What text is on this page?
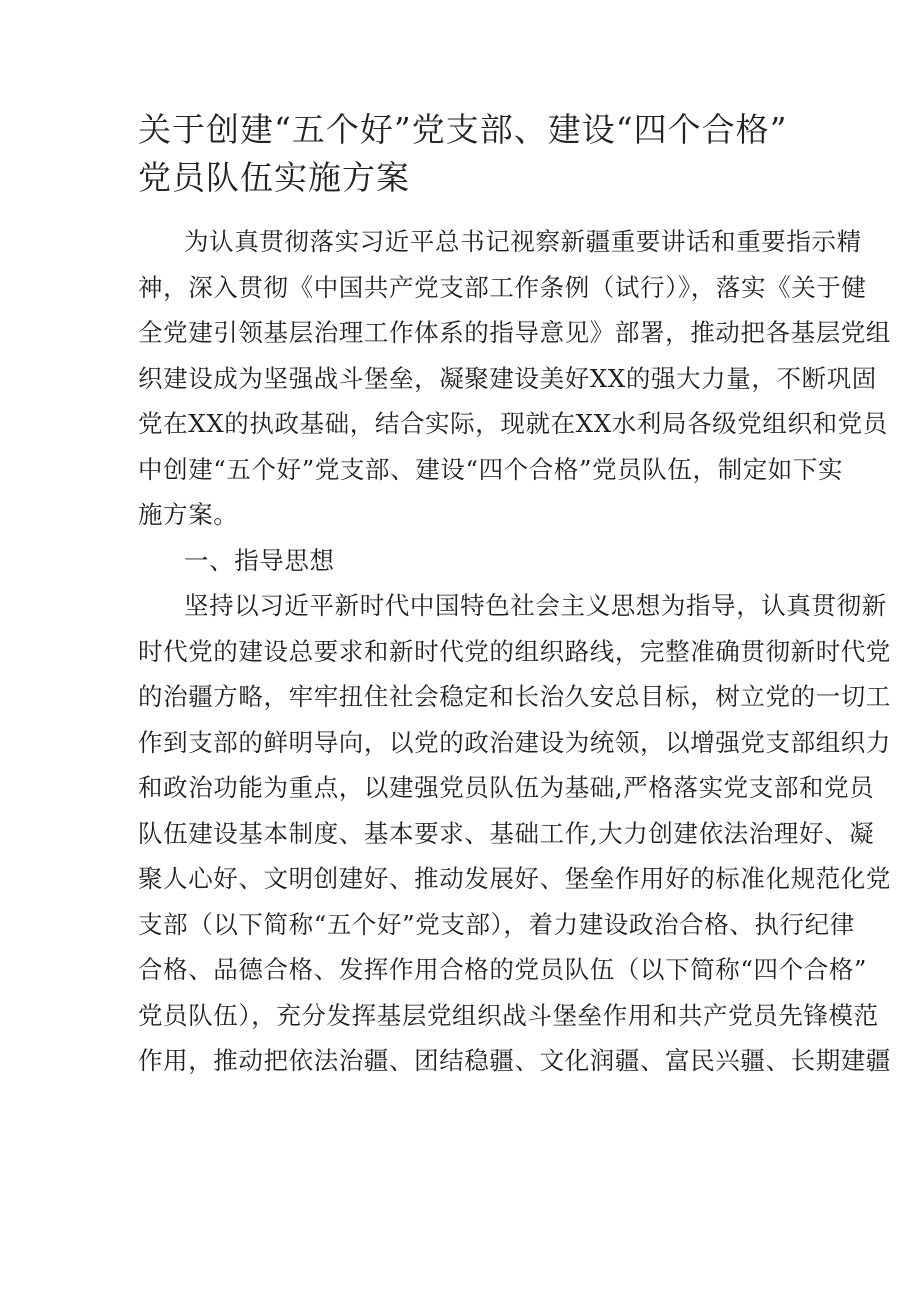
关于创建“五个好”党支部、建设“四个合格”
党员队伍实施方案
为认真贯彻落实习近平总书记视察新疆重要讲话和重要指示精
神，深入贯彻《中国共产党支部工作条例（试行）》，落实《关于健
全党建引领基层治理工作体系的指导意见》部署，推动把各基层党组
织建设成为坚强战斗堡垒，凝聚建设美好XX的强大力量，不断巩固
党在XX的执政基础，结合实际，现就在XX水利局各级党组织和党员
中创建“五个好”党支部、建设“四个合格”党员队伍，制定如下实
施方案。
一、指导思想
坚持以习近平新时代中国特色社会主义思想为指导，认真贯彻新
时代党的建设总要求和新时代党的组织路线，完整准确贯彻新时代党
的治疆方略，牢牢扭住社会稳定和长治久安总目标，树立党的一切工
作到支部的鲜明导向，以党的政治建设为统领，以增强党支部组织力
和政治功能为重点，以建强党员队伍为基础,严格落实党支部和党员
队伍建设基本制度、基本要求、基础工作,大力创建依法治理好、凝
聚人心好、文明创建好、推动发展好、堡垒作用好的标准化规范化党
支部（以下简称“五个好”党支部），着力建设政治合格、执行纪律
合格、品德合格、发挥作用合格的党员队伍（以下简称“四个合格”
党员队伍），充分发挥基层党组织战斗堡垒作用和共产党员先锋模范
作用，推动把依法治疆、团结稳疆、文化润疆、富民兴疆、长期建疆
